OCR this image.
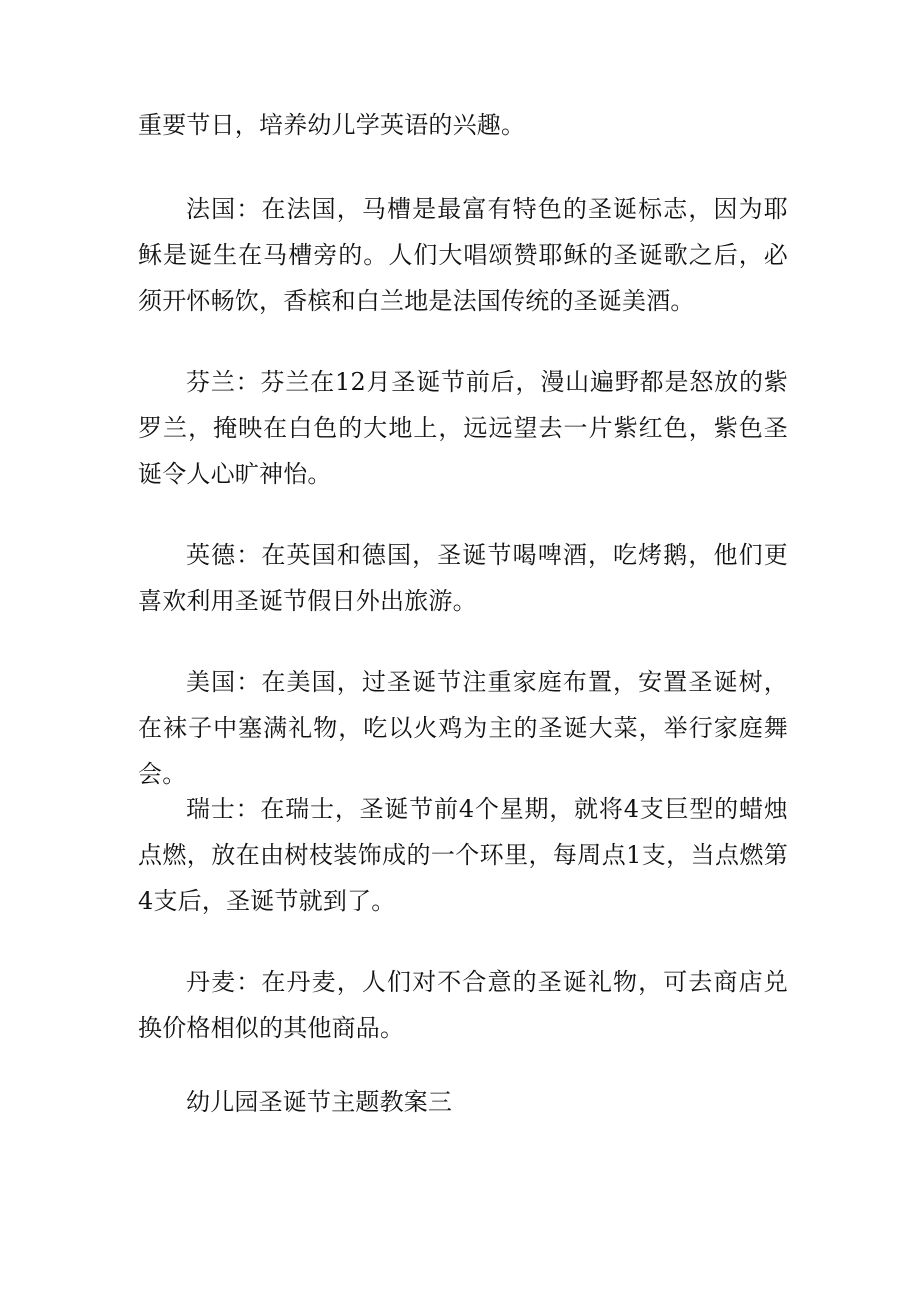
重要节日，培养幼儿学英语的兴趣。

法国：在法国，马槽是最富有特色的圣诞标志，因为耶稣是诞生在马槽旁的。人们大唱颂赞耶稣的圣诞歌之后，必须开怀畅饮，香槟和白兰地是法国传统的圣诞美酒。

芬兰：芬兰在12月圣诞节前后，漫山遍野都是怒放的紫罗兰，掩映在白色的大地上，远远望去一片紫红色，紫色圣诞令人心旷神怡。

英德：在英国和德国，圣诞节喝啤酒，吃烤鹅，他们更喜欢利用圣诞节假日外出旅游。

美国：在美国，过圣诞节注重家庭布置，安置圣诞树，在袜子中塞满礼物，吃以火鸡为主的圣诞大菜，举行家庭舞会。

瑞士：在瑞士，圣诞节前4个星期，就将4支巨型的蜡烛点燃，放在由树枝装饰成的一个环里，每周点1支，当点燃第4支后，圣诞节就到了。

丹麦：在丹麦，人们对不合意的圣诞礼物，可去商店兑换价格相似的其他商品。

幼儿园圣诞节主题教案三
